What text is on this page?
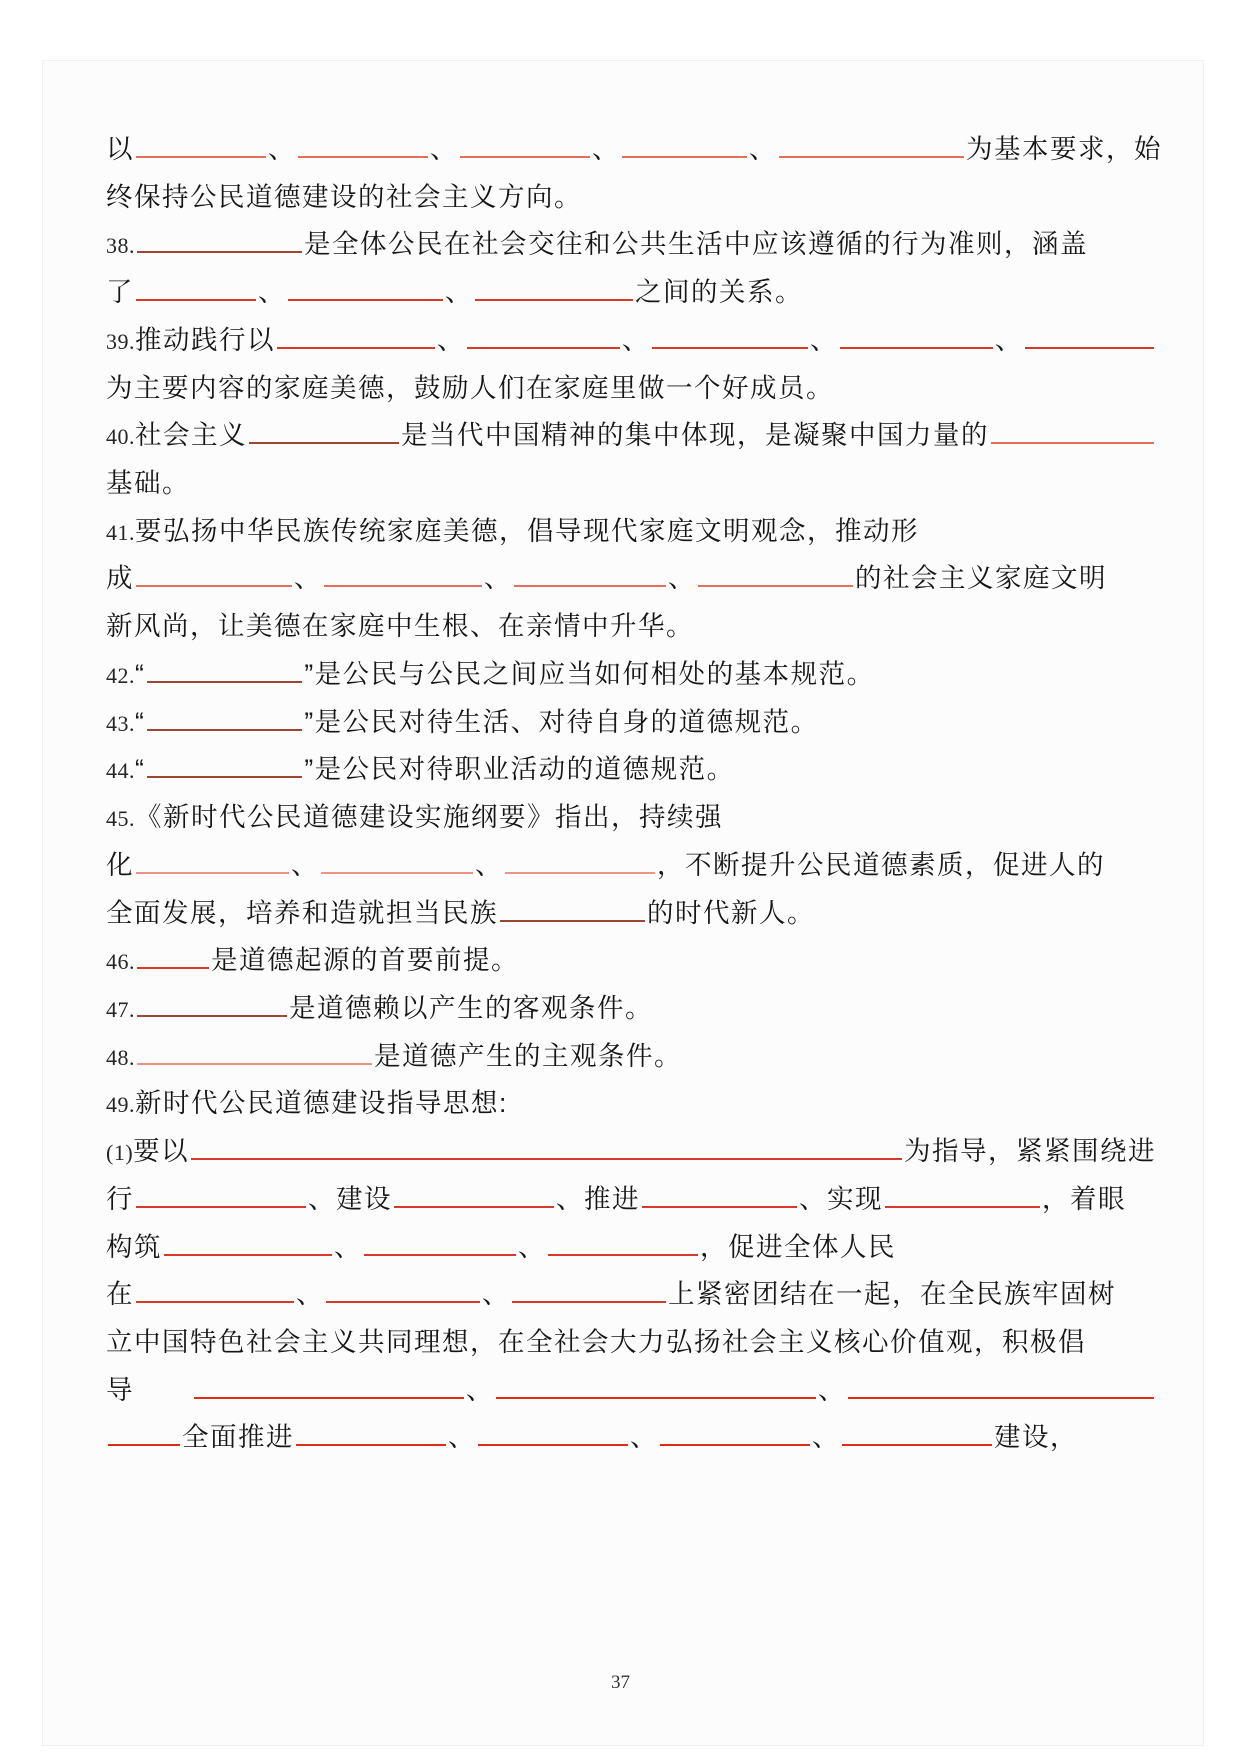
以	、	、	、	、	为基本要求，始
终保持公民道德建设的社会主义方向。
38.	是全体公民在社会交往和公共生活中应该遵循的行为准则，涵盖
了	、	、	之间的关系。
39. 推动践行以	、	、	、	、
为主要内容的家庭美德，鼓励人们在家庭里做一个好成员。
40. 社会主义	是当代中国精神的集中体现，是凝聚中国力量的
基础。
41. 要弘扬中华民族传统家庭美德，倡导现代家庭文明观念，推动形
成	、	、	、	的社会主义家庭文明
新风尚，让美德在家庭中生根、在亲情中升华。
42. “	”是公民与公民之间应当如何相处的基本规范。
43. “	”是公民对待生活、对待自身的道德规范。
44. “	”是公民对待职业活动的道德规范。
45. 《新时代公民道德建设实施纲要》指出，持续强
化	、	、	，不断提升公民道德素质，促进人的
全面发展，培养和造就担当民族	的时代新人。
46.	是道德起源的首要前提。
47.	是道德赖以产生的客观条件。
48.	是道德产生的主观条件。
49. 新时代公民道德建设指导思想:
(1) 要以	为指导，紧紧围绕进
行	、建设	、推进	、实现	，着眼
构筑	、	、	，促进全体人民
在	、	、	上紧密团结在一起，在全民族牢固树
立中国特色社会主义共同理想，在全社会大力弘扬社会主义核心价值观，积极倡
导	、	、
全面推进	、	、	、	建设，
37
